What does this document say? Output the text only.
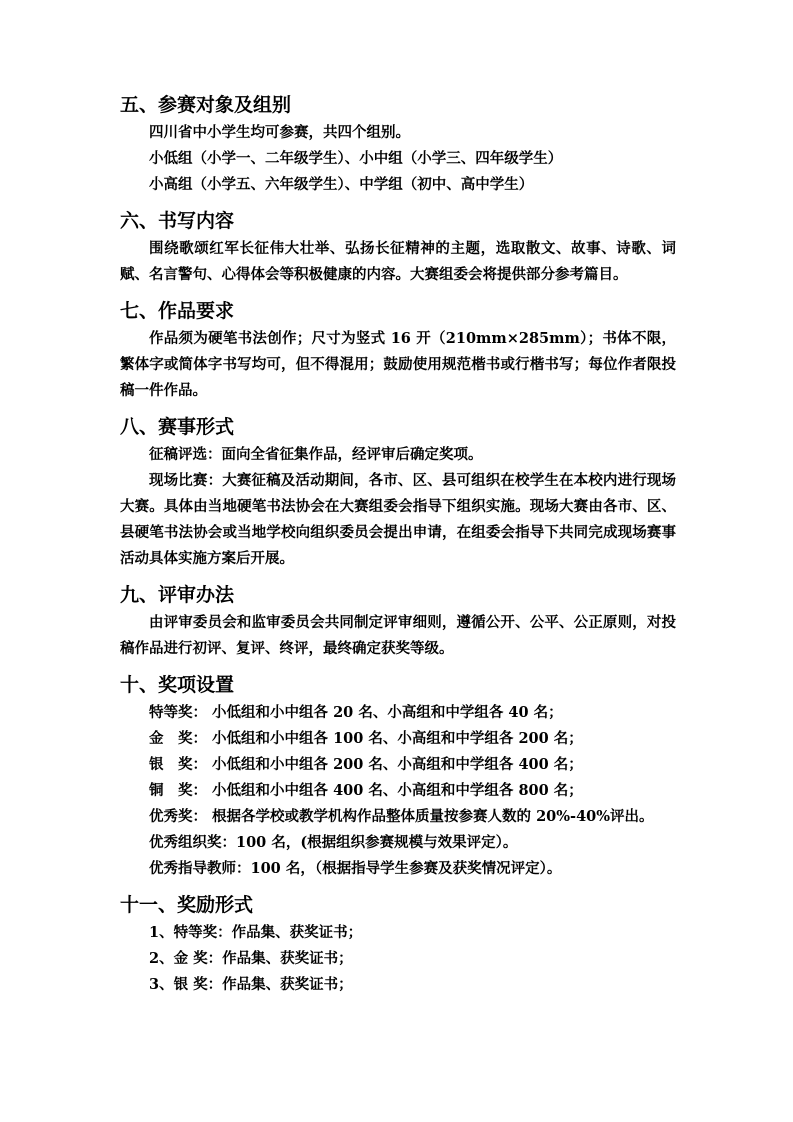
五、参赛对象及组别

四川省中小学生均可参赛，共四个组别。

小低组（小学一、二年级学生）、小中组（小学三、四年级学生）

小高组（小学五、六年级学生）、中学组（初中、高中学生）

六、书写内容

围绕歌颂红军长征伟大壮举、弘扬长征精神的主题，选取散文、故事、诗歌、词赋、名言警句、心得体会等积极健康的内容。大赛组委会将提供部分参考篇目。

七、作品要求

作品须为硬笔书法创作；尺寸为竖式 16 开（210mm×285mm）；书体不限，繁体字或简体字书写均可，但不得混用；鼓励使用规范楷书或行楷书写；每位作者限投稿一件作品。

八、赛事形式

征稿评选：面向全省征集作品，经评审后确定奖项。

现场比赛：大赛征稿及活动期间，各市、区、县可组织在校学生在本校内进行现场大赛。具体由当地硬笔书法协会在大赛组委会指导下组织实施。现场大赛由各市、区、县硬笔书法协会或当地学校向组织委员会提出申请，在组委会指导下共同完成现场赛事活动具体实施方案后开展。

九、评审办法

由评审委员会和监审委员会共同制定评审细则，遵循公开、公平、公正原则，对投稿作品进行初评、复评、终评，最终确定获奖等级。

十、奖项设置

特等奖： 小低组和小中组各 20 名、小高组和中学组各 40 名；

金　奖： 小低组和小中组各 100 名、小高组和中学组各 200 名；

银　奖： 小低组和小中组各 200 名、小高组和中学组各 400 名；

铜　奖： 小低组和小中组各 400 名、小高组和中学组各 800 名；

优秀奖： 根据各学校或教学机构作品整体质量按参赛人数的 20%-40%评出。

优秀组织奖：100 名，(根据组织参赛规模与效果评定）。

优秀指导教师：100 名，（根据指导学生参赛及获奖情况评定）。

十一、奖励形式

1、特等奖：作品集、获奖证书；

2、金 奖：作品集、获奖证书；

3、银 奖：作品集、获奖证书；
